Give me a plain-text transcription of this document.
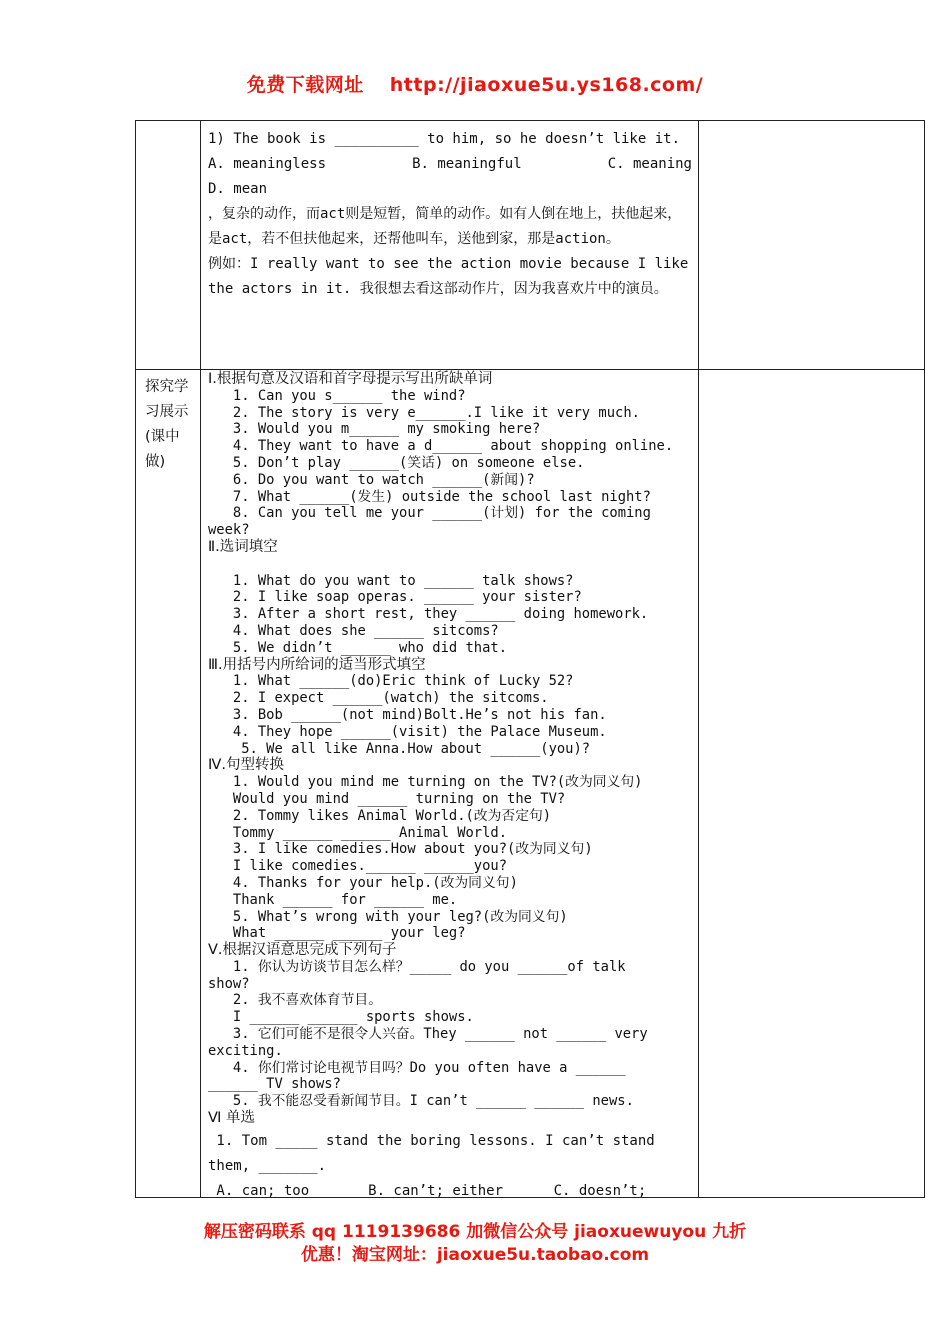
免费下载网址 http://jiaoxue5u.ys168.com/

1) The book is __________ to him, so he doesn’t like it.

A. meaningless	B. meaningful	C. meaning

D. mean

，复杂的动作，而act则是短暂，简单的动作。如有人倒在地上，扶他起来，是act，若不但扶他起来，还帮他叫车，送他到家，那是action。

例如：I really want to see the action movie because I like the actors in it. 我很想去看这部动作片，因为我喜欢片中的演员。

探究学习展示(课中做)
Ⅰ.根据句意及汉语和首字母提示写出所缺单词
1. Can you s______ the wind?
2. The story is very e______.I like it very much.
3. Would you m______ my smoking here?
4. They want to have a d______ about shopping online.
5. Don’t play ______(笑话) on someone else.
6. Do you want to watch ______(新闻)?
7. What ______(发生) outside the school last night?
8. Can you tell me your ______(计划) for the coming
week?
Ⅱ.选词填空

1. What do you want to ______ talk shows?
2. I like soap operas. ______ your sister?
3. After a short rest, they ______ doing homework.
4. What does she ______ sitcoms?
5. We didn’t ______ who did that.
Ⅲ.用括号内所给词的适当形式填空
1. What ______(do)Eric think of Lucky 52?
2. I expect ______(watch) the sitcoms.
3. Bob ______(not mind)Bolt.He’s not his fan.
4. They hope ______(visit) the Palace Museum.
5. We all like Anna.How about ______(you)?
Ⅳ.句型转换
1. Would you mind me turning on the TV?(改为同义句)
Would you mind ______ turning on the TV?
2. Tommy likes Animal World.(改为否定句)
Tommy ______ ______ Animal World.
3. I like comedies.How about you?(改为同义句)
I like comedies.______ ______you?
4. Thanks for your help.(改为同义句)
Thank ______ for ______ me.
5. What’s wrong with your leg?(改为同义句)
What ______ ______ your leg?
Ⅴ.根据汉语意思完成下列句子
1. 你认为访谈节目怎么样？_____ do you ______of talk
show?
2. 我不喜欢体育节目。
I ______ ______ sports shows.
3. 它们可能不是很令人兴奋。They ______ not ______ very
exciting.
4. 你们常讨论电视节目吗？Do you often have a ______
______ TV shows?
5. 我不能忍受看新闻节目。I can’t ______ ______ news.
Ⅵ 单选
1. Tom _____ stand the boring lessons. I can’t stand
them, _______.
A. can; too       B. can’t; either      C. doesn’t;
解压密码联系 qq 1119139686 加微信公众号 jiaoxuewuyou 九折
优惠！淘宝网址：jiaoxue5u.taobao.com
